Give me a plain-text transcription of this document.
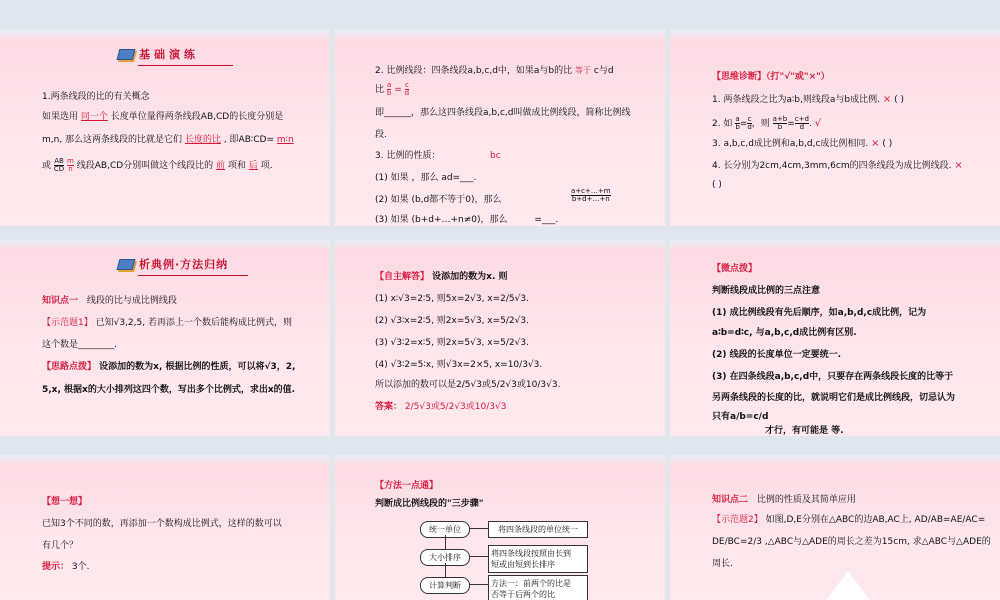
基础演练
1.两条线段的比的有关概念
如果选用 同一个 长度单位量得两条线段AB,CD的长度分别是
m,n, 那么这两条线段的比就是它们 长度的比 , 即AB∶CD= m∶n
或 $\frac{AB}{CD}$
$\frac{m}{n}$ 线段AB,CD分别叫做这个线段比的 前 项和 后 项.
2. 比例线段：四条线段a,b,c,d中，如果a与b的比 等于 c与d
比 $\frac{a}{b} = \frac{c}{d}$
即______，那么这四条线段a,b,c,d叫做成比例线段，简称比例线
段.
3. 比例的性质：	bc
(1) 如果 ，那么 ad=___.
(2) 如果 (b,d都不等于0)，那么
a+c+…+m
b+d+…+n
(3) 如果 (b+d+…+n≠0)，那么	=___.
【思维诊断】（打"√"或"×"）
1. 两条线段之比为a∶b,则线段a与b成比例. × ( )
2. 如 $\frac{a}{b} = \frac{c}{d}$ ，则 $\frac{a+b}{b} = \frac{c+d}{d}$ . √
3. a,b,c,d成比例和a,b,d,c成比例相同. × ( )
4. 长分别为2cm,4cm,3mm,6cm的四条线段为成比例线段. ×
( )
析典例·方法归纳
知识点一 线段的比与成比例线段
【示范题1】 已知√3,2,5, 若再添上一个数后能构成比例式，则
这个数是________.
【思路点拨】 设添加的数为x, 根据比例的性质，可以将√3，2,
5,x, 根据x的大小排列这四个数，写出多个比例式，求出x的值.
【自主解答】 设添加的数为x. 则
(1) x∶√3=2∶5, 则5x=2√3, x=2/5√3.
(2) √3∶x=2∶5, 则2x=5√3, x=5/2√3.
(3) √3∶2=x∶5, 则2x=5√3, x=5/2√3.
(4) √3∶2=5∶x, 则√3x=2×5, x=10/3√3.
所以添加的数可以是2/5√3或5/2√3或10/3√3.
答案： 2/5√3或5/2√3或10/3√3
【微点拨】
判断线段成比例的三点注意
(1) 成比例线段有先后顺序，如a,b,d,c成比例，记为
a∶b=d∶c, 与a,b,c,d成比例有区别.
(2) 线段的长度单位一定要统一.
(3) 在四条线段a,b,c,d中，只要存在两条线段长度的比等于
另两条线段的长度的比，就说明它们是成比例线段，切忌认为
只有a/b=c/d
才行，有可能是 等.
【想一想】
已知3个不同的数，再添加一个数构成比例式，这样的数可以
有几个？
提示： 3个.
【方法一点通】
判断成比例线段的"三步骤"
统一单位	将四条线段的单位统一
大小排序	将四条线段按照由长到
短或由短到长排序
计算判断	方法一：前两个的比是
否等于后两个的比
知识点二 比例的性质及其简单应用
【示范题2】 如图,D,E分别在△ABC的边AB,AC上, AD/AB=AE/AC=
DE/BC=2/3 ,△ABC与△ADE的周长之差为15cm, 求△ABC与△ADE的
周长.
